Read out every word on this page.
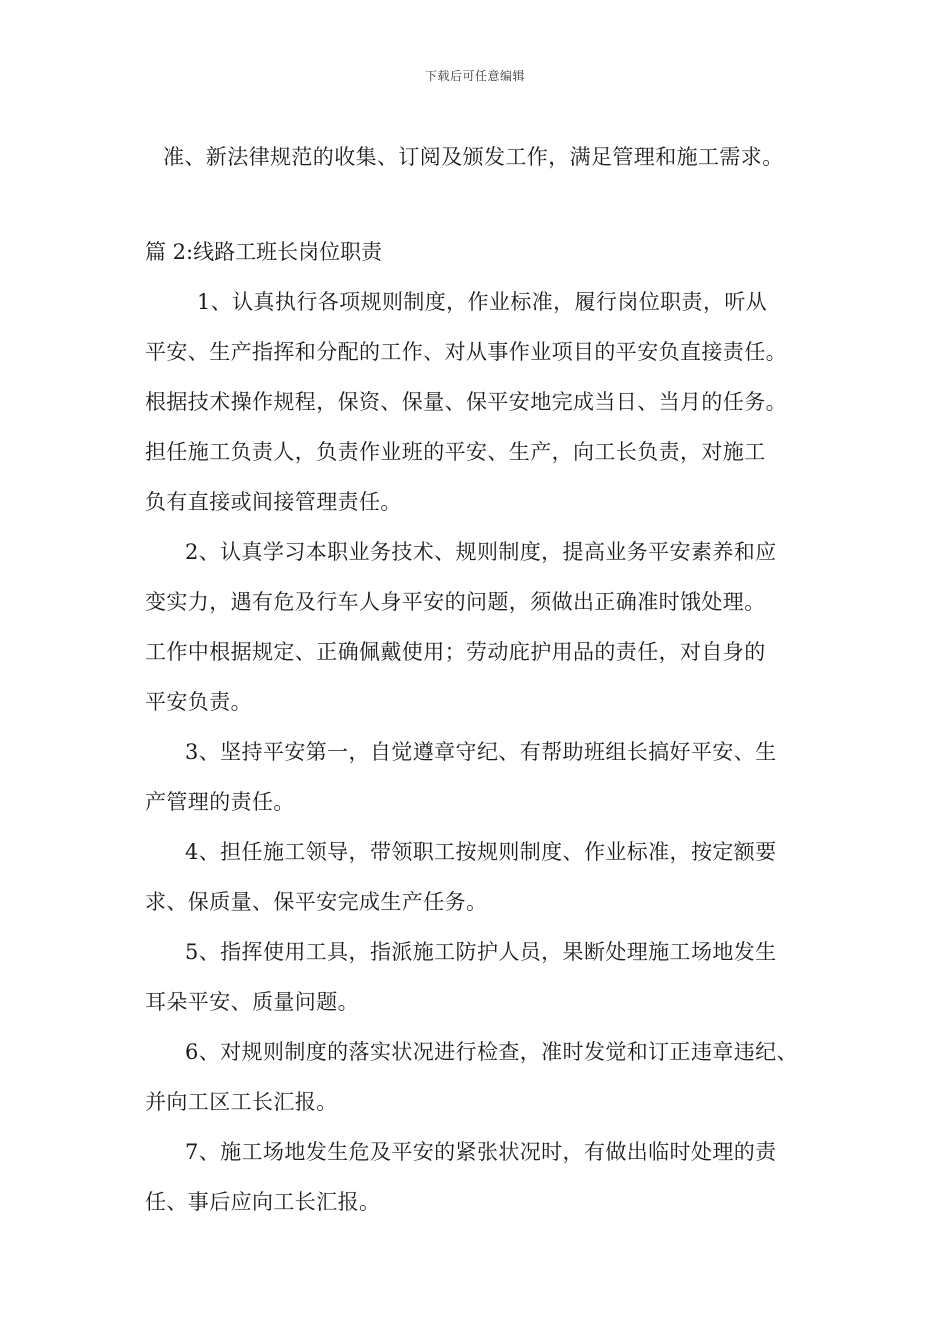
下载后可任意编辑
准、新法律规范的收集、订阅及颁发工作，满足管理和施工需求。
篇 2:线路工班长岗位职责
1、认真执行各项规则制度，作业标准，履行岗位职责，听从
平安、生产指挥和分配的工作、对从事作业项目的平安负直接责任。
根据技术操作规程，保资、保量、保平安地完成当日、当月的任务。
担任施工负责人，负责作业班的平安、生产，向工长负责，对施工
负有直接或间接管理责任。
2、认真学习本职业务技术、规则制度，提高业务平安素养和应
变实力，遇有危及行车人身平安的问题，须做出正确准时饿处理。
工作中根据规定、正确佩戴使用；劳动庇护用品的责任，对自身的
平安负责。
3、坚持平安第一，自觉遵章守纪、有帮助班组长搞好平安、生
产管理的责任。
4、担任施工领导，带领职工按规则制度、作业标准，按定额要
求、保质量、保平安完成生产任务。
5、指挥使用工具，指派施工防护人员，果断处理施工场地发生
耳朵平安、质量问题。
6、对规则制度的落实状况进行检查，准时发觉和订正违章违纪、
并向工区工长汇报。
7、施工场地发生危及平安的紧张状况时，有做出临时处理的责
任、事后应向工长汇报。
